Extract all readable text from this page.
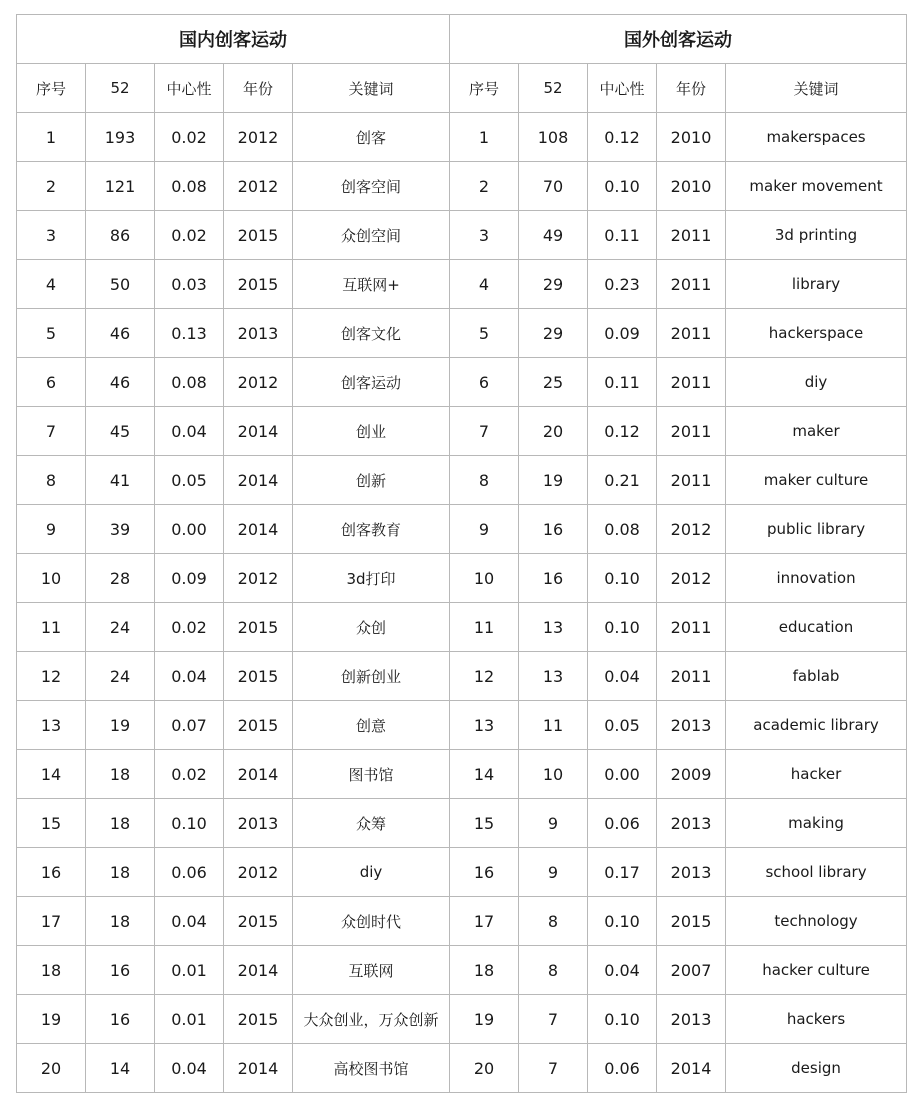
国内创客运动					国外创客运动				
序号	52	中心性	年份	关键词	序号	52	中心性	年份	关键词
1	193	0.02	2012	创客	1	108	0.12	2010	makerspaces
2	121	0.08	2012	创客空间	2	70	0.10	2010	maker movement
3	86	0.02	2015	众创空间	3	49	0.11	2011	3d printing
4	50	0.03	2015	互联网+	4	29	0.23	2011	library
5	46	0.13	2013	创客文化	5	29	0.09	2011	hackerspace
6	46	0.08	2012	创客运动	6	25	0.11	2011	diy
7	45	0.04	2014	创业	7	20	0.12	2011	maker
8	41	0.05	2014	创新	8	19	0.21	2011	maker culture
9	39	0.00	2014	创客教育	9	16	0.08	2012	public library
10	28	0.09	2012	3d打印	10	16	0.10	2012	innovation
11	24	0.02	2015	众创	11	13	0.10	2011	education
12	24	0.04	2015	创新创业	12	13	0.04	2011	fablab
13	19	0.07	2015	创意	13	11	0.05	2013	academic library
14	18	0.02	2014	图书馆	14	10	0.00	2009	hacker
15	18	0.10	2013	众筹	15	9	0.06	2013	making
16	18	0.06	2012	diy	16	9	0.17	2013	school library
17	18	0.04	2015	众创时代	17	8	0.10	2015	technology
18	16	0.01	2014	互联网	18	8	0.04	2007	hacker culture
19	16	0.01	2015	大众创业，万众创新	19	7	0.10	2013	hackers
20	14	0.04	2014	高校图书馆	20	7	0.06	2014	design
